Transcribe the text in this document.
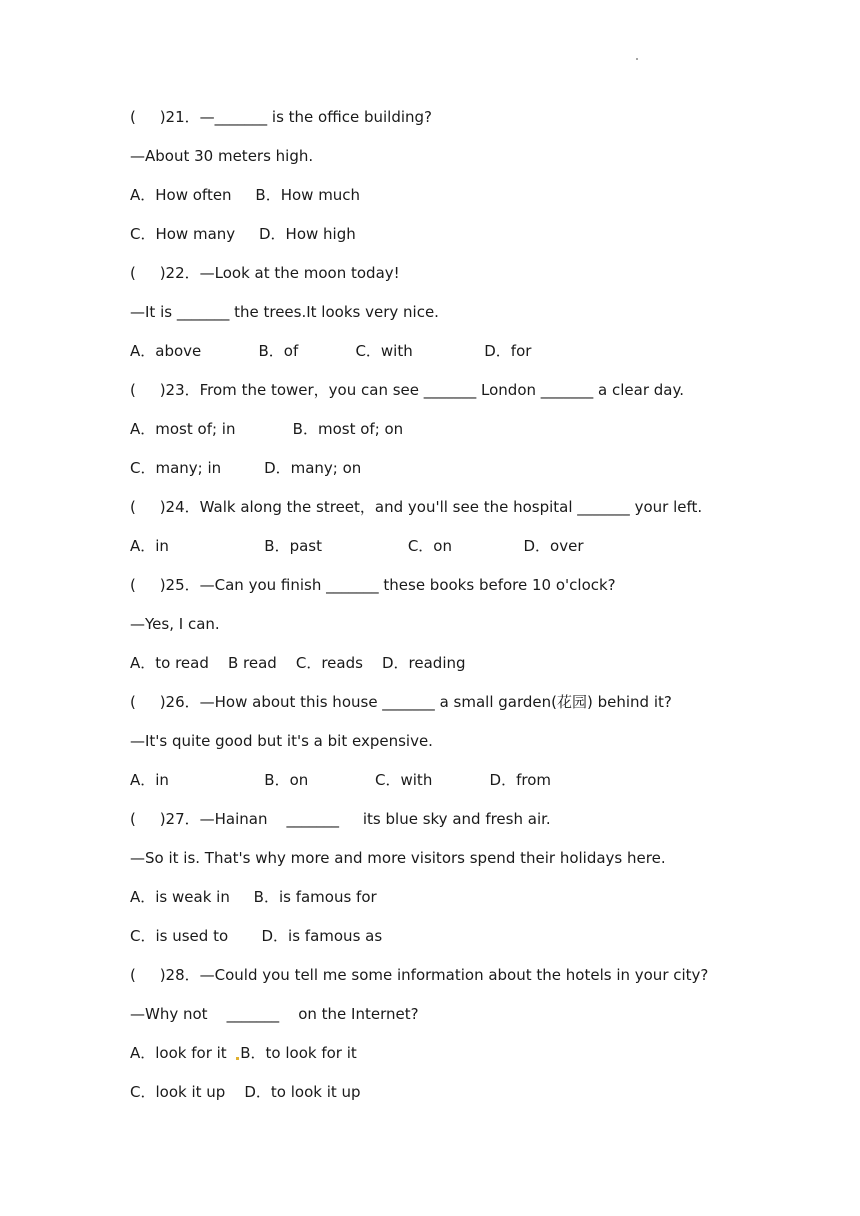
(     )21．—_______ is the office building?
—About 30 meters high.
A．How often     B．How much
C．How many     D．How high
(     )22．—Look at the moon today!
—It is _______ the trees.It looks very nice.
A．above            B．of            C．with               D．for
(     )23．From the tower，you can see _______ London _______ a clear day.
A．most of; in            B．most of; on
C．many; in         D．many; on
(     )24．Walk along the street，and you'll see the hospital _______ your left.
A．in                    B．past                  C．on               D．over
(     )25．—Can you finish _______ these books before 10 o'clock?
—Yes, I can.
A．to read    B read    C．reads    D．reading
(     )26．—How about this house _______ a small garden(花园) behind it?
—It's quite good but it's a bit expensive.
A．in                    B．on              C．with            D．from
(     )27．—Hainan    _______     its blue sky and fresh air.
—So it is. That's why more and more visitors spend their holidays here.
A．is weak in     B．is famous for
C．is used to       D．is famous as
(     )28．—Could you tell me some information about the hotels in your city?
—Why not    _______    on the Internet?
A．look for it B．to look for it
C．look it up    D．to look it up
